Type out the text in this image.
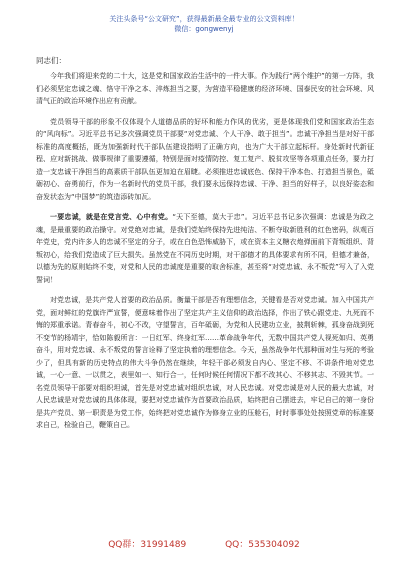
关注头条号“公文研究”，获得最新最全最专业的公文资料库！
微信：gongwenyj
同志们：

今年我们将迎来党的二十大，这是党和国家政治生活中的一件大事。作为践行“两个维护”的第一方阵，我们必须坚定忠诚之魂、恪守干净之本、淬炼担当之要，为营造平稳健康的经济环境、国泰民安的社会环境、风清气正的政治环境作出应有贡献。

党员领导干部的形象不仅体现个人道德品质的好坏和能力作风的优劣，更是体现我们党和国家政治生态的“风向标”。习近平总书记多次强调党员干部要“对党忠诚、个人干净、敢于担当”。忠诚干净担当是对好干部标准的高度概括，既为加强新时代干部队伍建设指明了正确方向，也为广大干部立起标杆。身处新时代新征程、应对新挑战、做事规律了重要遵循，特别是面对疫情防控、复工复产、脱贫攻坚等各项重点任务，要力打造一支忠诚干净担当的高素质干部队伍更加迫在眉睫。必须推进忠诚底色、保持干净本色、打造担当景色，砥砺初心、奋勇前行，作为一名新时代的党员干部，我们要永远保持忠诚、干净、担当的好样子，以良好姿态和奋发状态为“中国梦”的筑造添砖加瓦。

一要忠诚，就是在党言党、心中有党。“天下至德，莫大于忠”。习近平总书记多次强调：忠诚是为政之魂，是最重要的政治操守。对党绝对忠诚，是我们党始终保持先进纯洁、不断夺取新胜利的红色密码，纵观百年党史，党内许多人的忠诚不坚定的分子，或在白色恐怖威胁下，或在资本主义糖衣炮弹面前下背叛组织、背叛初心，给我们党造成了巨大损失。虽然党在不同历史时期，对干部德才的具体要求有所不同，但德才兼备，以德为先的原则始终不变，对党和人民的忠诚度是重要的取舍标准，甚至将“对党忠诚、永不叛党”写入了入党誓词！

对党忠诚，是共产党人首要的政治品质。衡量干部是否有理想信念，关键看是否对党忠诚。加入中国共产党，面对鲜红的党旗许严宣誓，便意味着作出了坚定共产主义信仰的政治选择，作出了铁心跟党走、九死而不悔的郑重承诺。青春奋斗，初心不改，守望誓言，百年砥砺，为党和人民建功立业，披荆斩棘，孤身奋战到死不变节的杨靖宇，恰如陈毅所言：一日红军、终身红军……革命战争年代，无数中国共产党人视死如归、英勇奋斗，用对党忠诚、永不叛党的誓言诠释了坚定执着的理想信念。今天，虽然战争年代那种面对生与死的考验少了，但具有新的历史特点的伟大斗争仍然在继续，年轻干部必须发自内心、坚定不移、不讲条件地对党忠诚，一心一意、一以贯之，表里如一、知行合一，任何时候任何情况下都不改其心、不移其志、不毁其节。一名党员领导干部要对组织坦诚，首先是对党忠诚对组织忠诚，对人民忠诚。对党忠诚是对人民的最大忠诚，对人民忠诚是对党忠诚的具体体现，要把对党忠诚作为首要政治品质，始终把自己摆进去，牢记自己的第一身份是共产党员、第一职责是为党工作，始终把对党忠诚作为修身立业的压舱石，时时事事处处按照党章的标准要求自己，检验自己，鞭策自己。

QQ群：31991489	QQ：535304092
